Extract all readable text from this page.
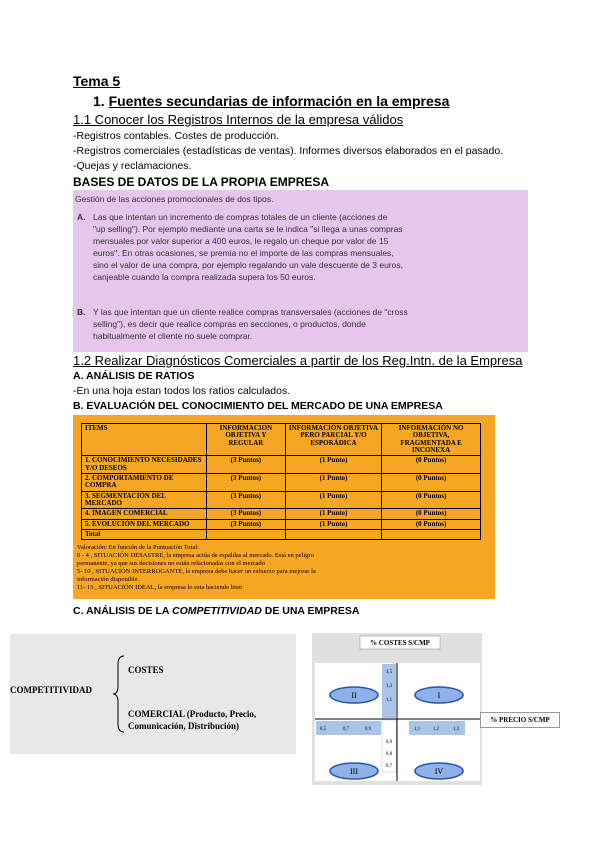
Tema 5
1. Fuentes secundarias de información en la empresa
1.1 Conocer los Registros Internos de la empresa válidos
-Registros contables. Costes de producción.
-Registros comerciales (estadísticas de ventas). Informes diversos elaborados en el pasado.
-Quejas y reclamaciones.
BASES DE DATOS DE LA PROPIA EMPRESA
Gestión de las acciones promocionales de dos tipos.
A. Las que intentan un incremento de compras totales de un cliente (acciones de
"up selling"). Por ejemplo mediante una carta se le indica "si llega a unas compras
mensuales por valor superior a 400 euros, le regalo un cheque por valor de 15
euros". En otras ocasiones, se premia no el importe de las compras mensuales,
sino el valor de una compra, por ejemplo regalando un vale descuente de 3 euros,
canjeable cuando la compra realizada supera los 50 euros.
B. Y las que intentan que un cliente realice compras transversales (acciones de "cross
selling"), es decir que realice compras en secciones, o productos, donde
habitualmente el cliente no suele comprar.
1.2 Realizar Diagnósticos Comerciales a partir de los Reg.Intn. de la Empresa
A. ANÁLISIS DE RATIOS
-En una hoja estan todos los ratios calculados.
B. EVALUACIÓN DEL CONOCIMIENTO DEL MERCADO DE UNA EMPRESA
ITEMS	INFORMACION OBJETIVA Y REGULAR	INFORMACIÓN OBJETIVA PERO PARCIAL Y/O ESPORÁDICA	INFORMACIÓN NO OBJETIVA, FRAGMENTADA E INCONEXA
1. CONOCIMIENTO NECESIDADES Y/O DESEOS	(3 Puntos)	(1 Punto)	(0 Puntos)
2. COMPORTAMIENTO DE COMPRA	(3 Puntos)	(1 Punto)	(0 Puntos)
3. SEGMENTACIÓN DEL MERCADO	(3 Puntos)	(1 Punto)	(0 Puntos)
4. IMAGEN COMERCIAL	(3 Puntos)	(1 Punto)	(0 Puntos)
5. EVOLUCIÓN DEL MERCADO	(3 Puntos)	(1 Punto)	(0 Puntos)
Total			
Valoración: En función de la Puntuación Total:
0 - 4 , SITUACIÓN DESASTRE, la empresa actúa de espaldas al mercado. Está en peligro
permanente, ya que sus decisiones no están relacionadas con el mercado
5- 10 , SITUACIÓN INTERROGANTE, la empresa debe hacer un esfuerzo para mejorar la
información disponible.
11- 15 , SITUACIÓN IDEAL, la empresa lo esta haciendo bien
C. ANÁLISIS DE LA COMPETITIVIDAD DE UNA EMPRESA
COMPETITIVIDAD
COSTES
COMERCIAL (Producto, Precio,
Comunicación, Distribución)
% COSTES S/CMP
1,5
1,3
1,1
0,9
0,8
0,7
0,5	0,7	0,9	1,1	1,2	1,3
II	I
III	IV
% PRECIO S/CMP
